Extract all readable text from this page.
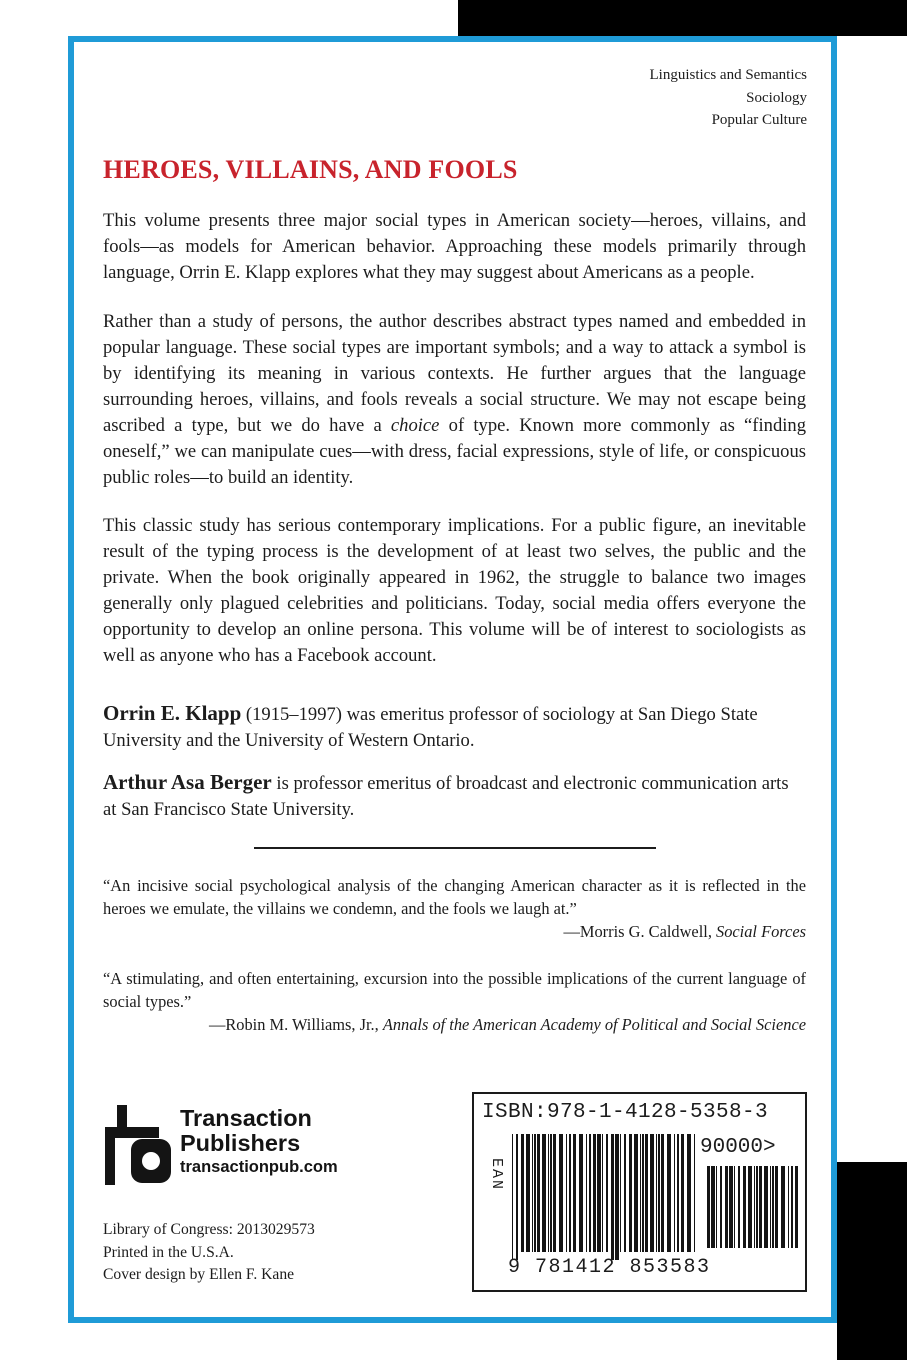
Linguistics and Semantics
Sociology
Popular Culture
HEROES, VILLAINS, AND FOOLS
This volume presents three major social types in American society—heroes, villains, and fools—as models for American behavior. Approaching these models primarily through language, Orrin E. Klapp explores what they may suggest about Americans as a people.
Rather than a study of persons, the author describes abstract types named and embedded in popular language. These social types are important symbols; and a way to attack a symbol is by identifying its meaning in various contexts. He further argues that the language surrounding heroes, villains, and fools reveals a social structure. We may not escape being ascribed a type, but we do have a choice of type. Known more commonly as “finding oneself,” we can manipulate cues—with dress, facial expressions, style of life, or conspicuous public roles—to build an identity.
This classic study has serious contemporary implications. For a public figure, an inevitable result of the typing process is the development of at least two selves, the public and the private. When the book originally appeared in 1962, the struggle to balance two images generally only plagued celebrities and politicians. Today, social media offers everyone the opportunity to develop an online persona. This volume will be of interest to sociologists as well as anyone who has a Facebook account.
Orrin E. Klapp (1915–1997) was emeritus professor of sociology at San Diego State University and the University of Western Ontario.
Arthur Asa Berger is professor emeritus of broadcast and electronic communication arts at San Francisco State University.
“An incisive social psychological analysis of the changing American character as it is reflected in the heroes we emulate, the villains we condemn, and the fools we laugh at.”
—Morris G. Caldwell, Social Forces
“A stimulating, and often entertaining, excursion into the possible implications of the current language of social types.”
—Robin M. Williams, Jr., Annals of the American Academy of Political and Social Science
Transaction
Publishers
transactionpub.com
Library of Congress: 2013029573
Printed in the U.S.A.
Cover design by Ellen F. Kane
ISBN:978-1-4128-5358-3
EAN
90000>
9 781412 853583
